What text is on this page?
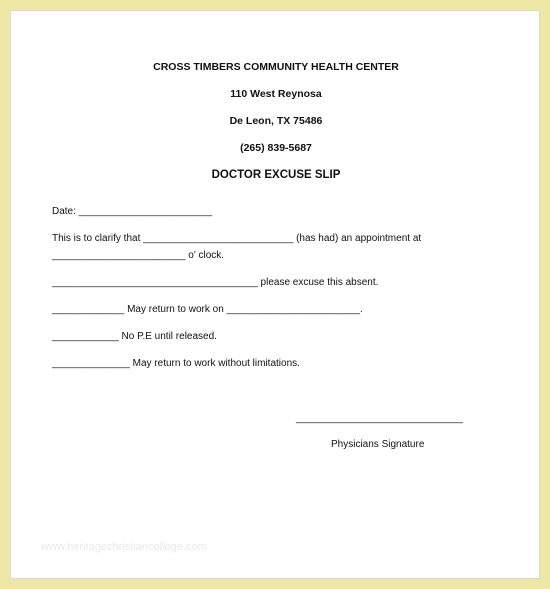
CROSS TIMBERS COMMUNITY HEALTH CENTER
110 West Reynosa
De Leon, TX 75486
(265) 839-5687
DOCTOR EXCUSE SLIP
Date: ________________________
This is to clarify that ___________________________ (has had) an appointment at
________________________ o' clock.
_____________________________________ please excuse this absent.
_____________ May return to work on ________________________.
____________ No P.E until released.
______________ May return to work without limitations.
______________________________
Physicians Signature
www.heritagechristiancollege.com
